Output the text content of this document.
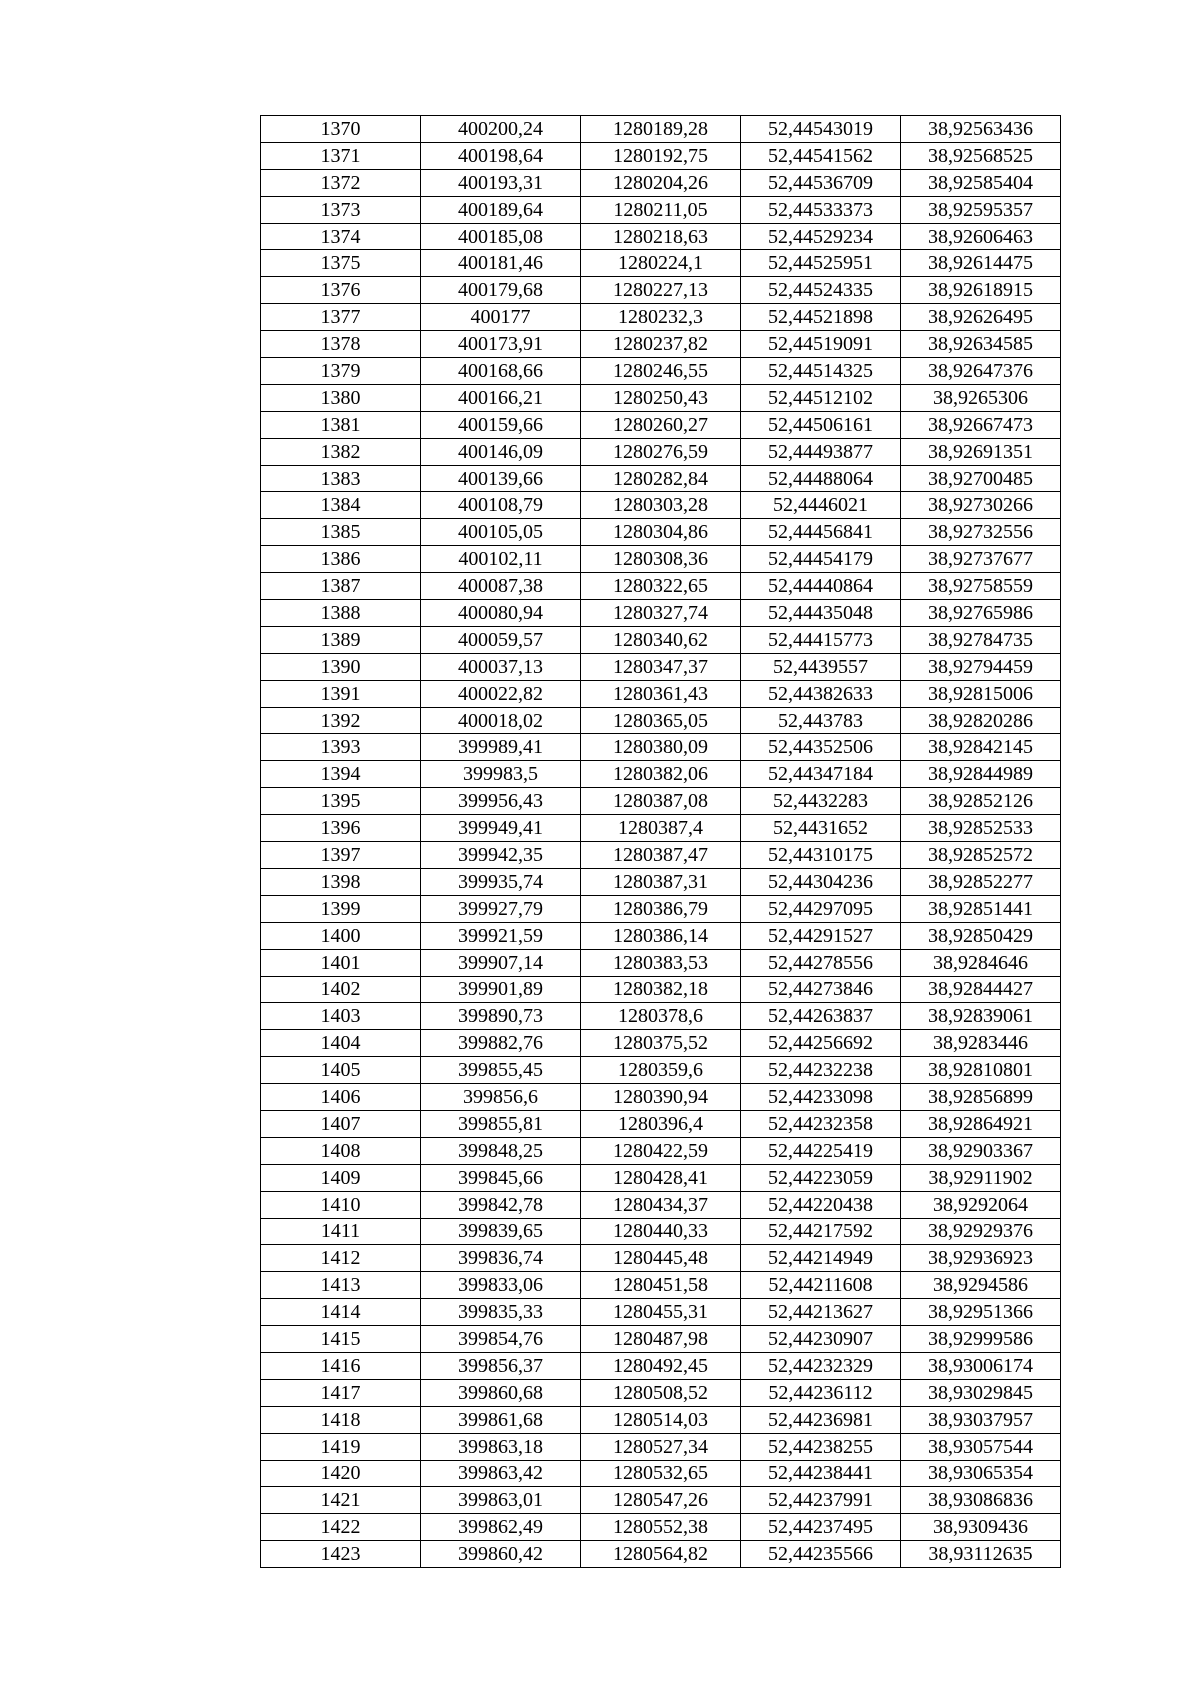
1370	400200,24	1280189,28	52,44543019	38,92563436
1371	400198,64	1280192,75	52,44541562	38,92568525
1372	400193,31	1280204,26	52,44536709	38,92585404
1373	400189,64	1280211,05	52,44533373	38,92595357
1374	400185,08	1280218,63	52,44529234	38,92606463
1375	400181,46	1280224,1	52,44525951	38,92614475
1376	400179,68	1280227,13	52,44524335	38,92618915
1377	400177	1280232,3	52,44521898	38,92626495
1378	400173,91	1280237,82	52,44519091	38,92634585
1379	400168,66	1280246,55	52,44514325	38,92647376
1380	400166,21	1280250,43	52,44512102	38,9265306
1381	400159,66	1280260,27	52,44506161	38,92667473
1382	400146,09	1280276,59	52,44493877	38,92691351
1383	400139,66	1280282,84	52,44488064	38,92700485
1384	400108,79	1280303,28	52,4446021	38,92730266
1385	400105,05	1280304,86	52,44456841	38,92732556
1386	400102,11	1280308,36	52,44454179	38,92737677
1387	400087,38	1280322,65	52,44440864	38,92758559
1388	400080,94	1280327,74	52,44435048	38,92765986
1389	400059,57	1280340,62	52,44415773	38,92784735
1390	400037,13	1280347,37	52,4439557	38,92794459
1391	400022,82	1280361,43	52,44382633	38,92815006
1392	400018,02	1280365,05	52,443783	38,92820286
1393	399989,41	1280380,09	52,44352506	38,92842145
1394	399983,5	1280382,06	52,44347184	38,92844989
1395	399956,43	1280387,08	52,4432283	38,92852126
1396	399949,41	1280387,4	52,4431652	38,92852533
1397	399942,35	1280387,47	52,44310175	38,92852572
1398	399935,74	1280387,31	52,44304236	38,92852277
1399	399927,79	1280386,79	52,44297095	38,92851441
1400	399921,59	1280386,14	52,44291527	38,92850429
1401	399907,14	1280383,53	52,44278556	38,9284646
1402	399901,89	1280382,18	52,44273846	38,92844427
1403	399890,73	1280378,6	52,44263837	38,92839061
1404	399882,76	1280375,52	52,44256692	38,9283446
1405	399855,45	1280359,6	52,44232238	38,92810801
1406	399856,6	1280390,94	52,44233098	38,92856899
1407	399855,81	1280396,4	52,44232358	38,92864921
1408	399848,25	1280422,59	52,44225419	38,92903367
1409	399845,66	1280428,41	52,44223059	38,92911902
1410	399842,78	1280434,37	52,44220438	38,9292064
1411	399839,65	1280440,33	52,44217592	38,92929376
1412	399836,74	1280445,48	52,44214949	38,92936923
1413	399833,06	1280451,58	52,44211608	38,9294586
1414	399835,33	1280455,31	52,44213627	38,92951366
1415	399854,76	1280487,98	52,44230907	38,92999586
1416	399856,37	1280492,45	52,44232329	38,93006174
1417	399860,68	1280508,52	52,44236112	38,93029845
1418	399861,68	1280514,03	52,44236981	38,93037957
1419	399863,18	1280527,34	52,44238255	38,93057544
1420	399863,42	1280532,65	52,44238441	38,93065354
1421	399863,01	1280547,26	52,44237991	38,93086836
1422	399862,49	1280552,38	52,44237495	38,9309436
1423	399860,42	1280564,82	52,44235566	38,93112635
